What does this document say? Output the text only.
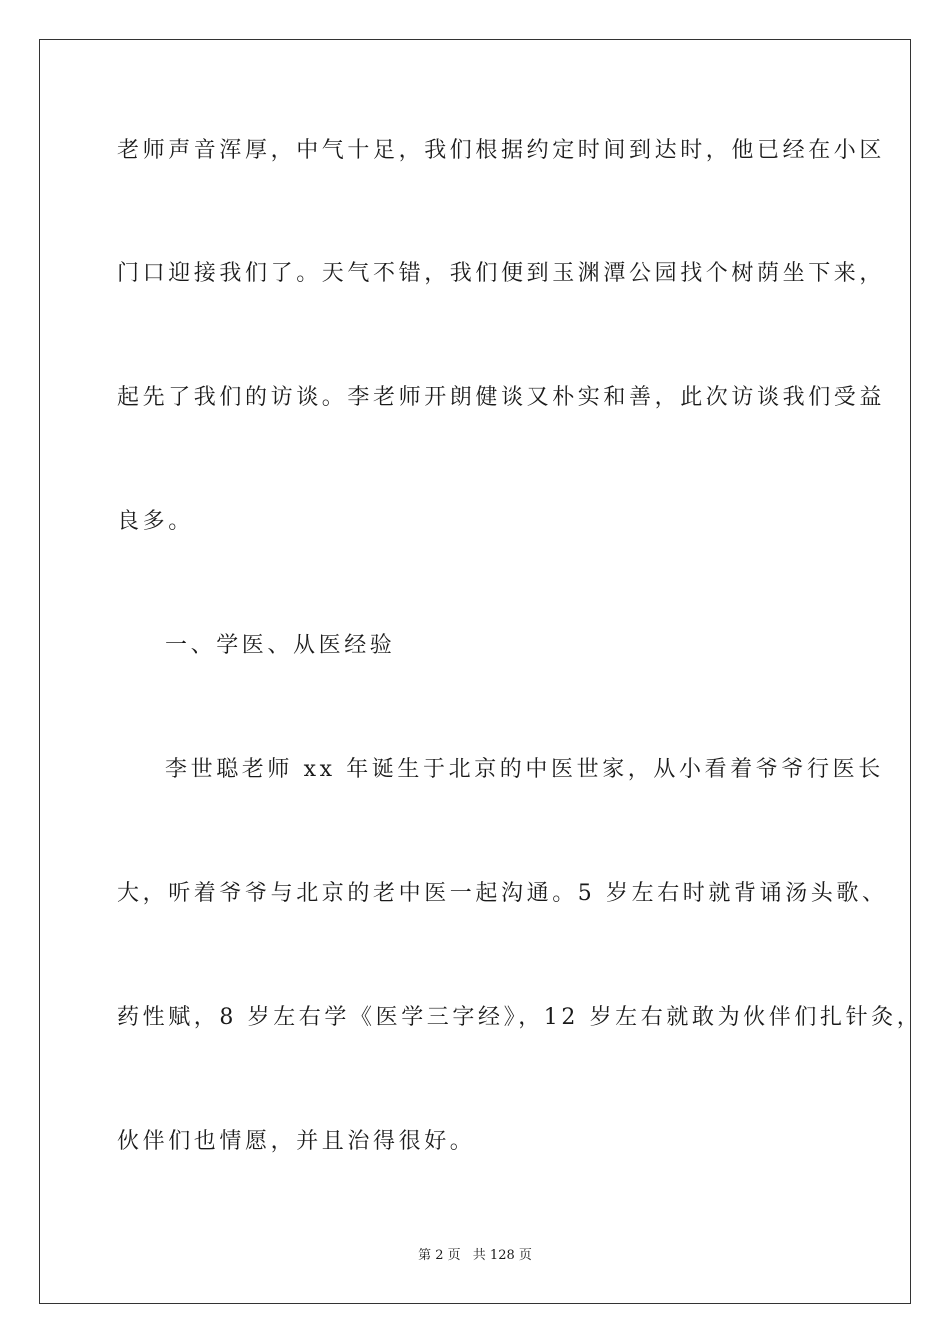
老师声音浑厚，中气十足，我们根据约定时间到达时，他已经在小区
门口迎接我们了。天气不错，我们便到玉渊潭公园找个树荫坐下来，
起先了我们的访谈。李老师开朗健谈又朴实和善，此次访谈我们受益
良多。
一、学医、从医经验
李世聪老师 xx 年诞生于北京的中医世家，从小看着爷爷行医长
大，听着爷爷与北京的老中医一起沟通。5 岁左右时就背诵汤头歌、
药性赋，8 岁左右学《医学三字经》，12 岁左右就敢为伙伴们扎针灸，
伙伴们也情愿，并且治得很好。
第 2 页 共 128 页
